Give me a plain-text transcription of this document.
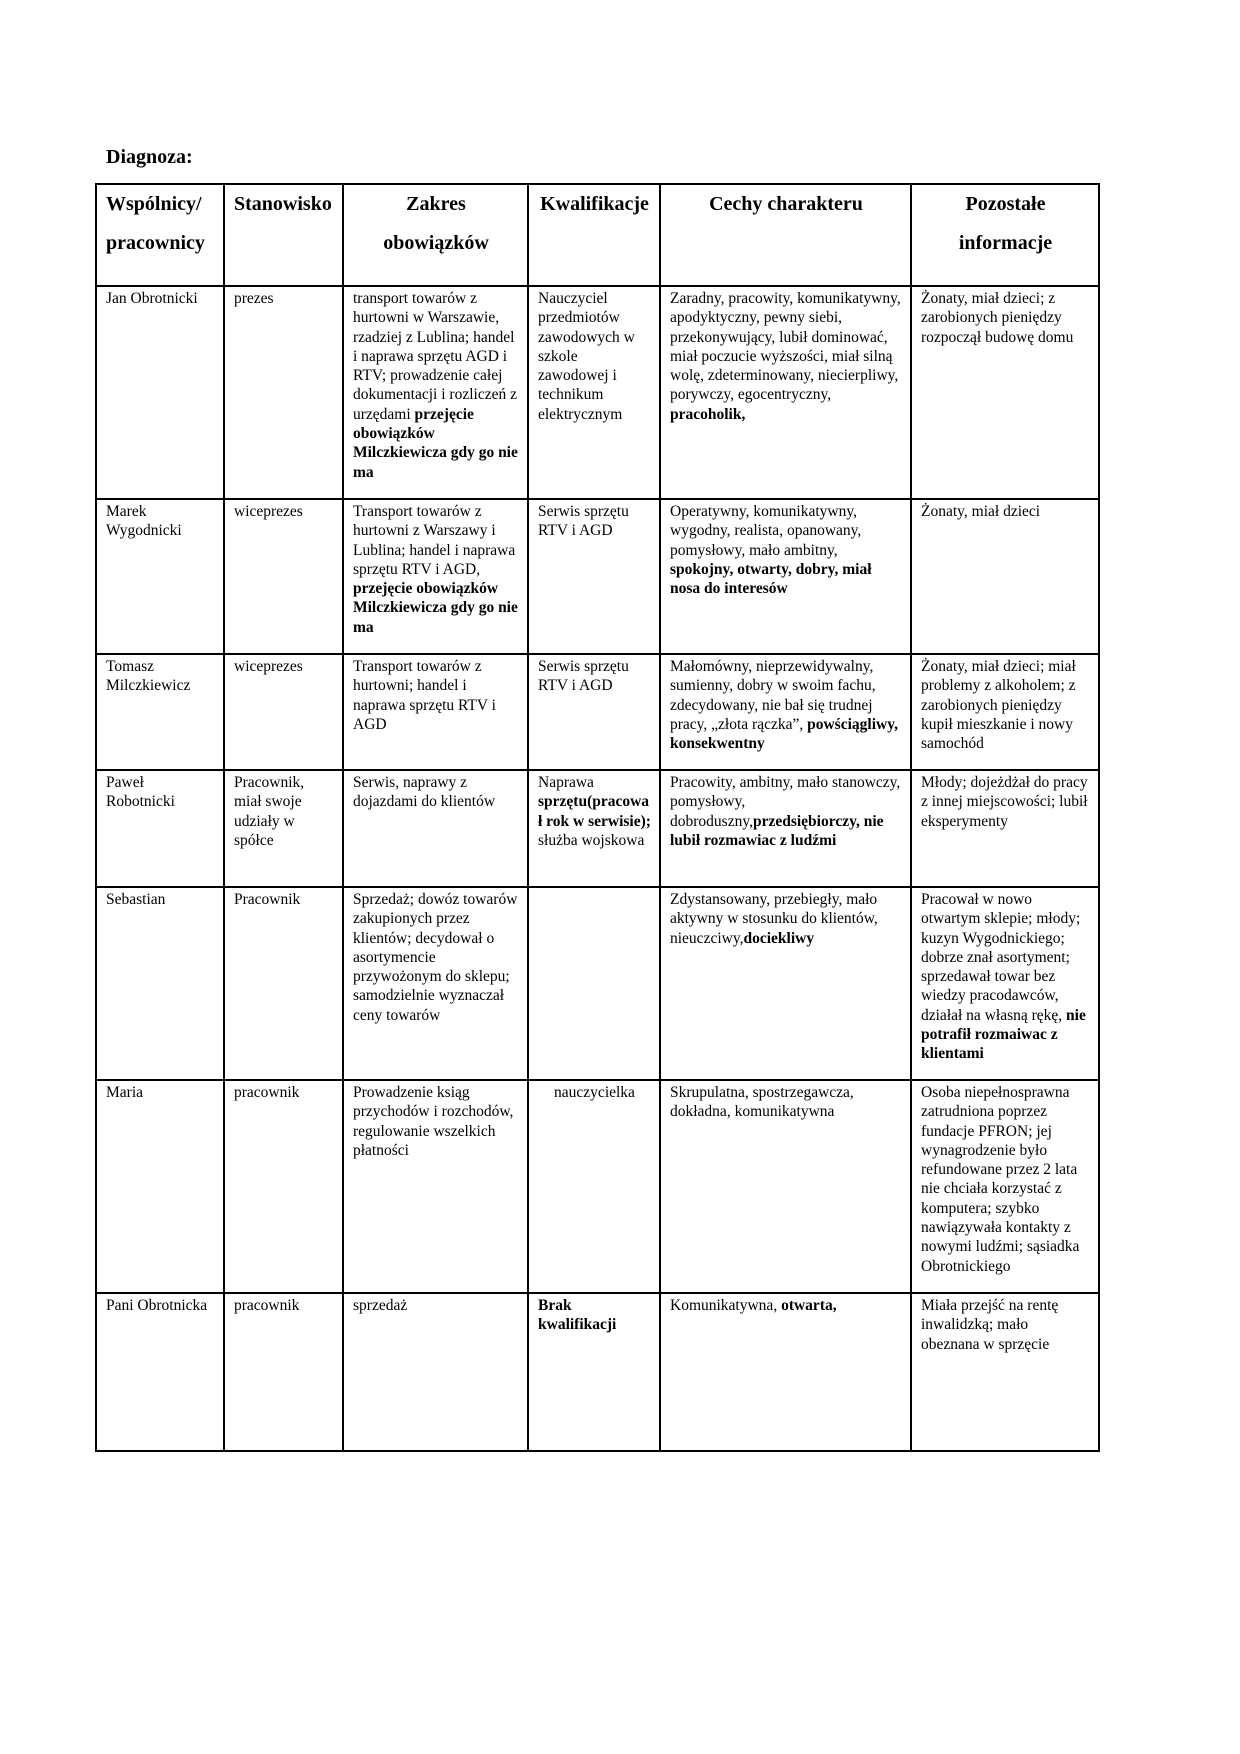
Diagnoza:
Wspólnicy/ pracownicy	Stanowisko	Zakres obowiązków	Kwalifikacje	Cechy charakteru	Pozostałe informacje
Jan Obrotnicki	prezes	transport towarów z hurtowni w Warszawie, rzadziej z Lublina; handel i naprawa sprzętu AGD i RTV; prowadzenie całej dokumentacji i rozliczeń z urzędami przejęcie obowiązków Milczkiewicza gdy go nie ma	Nauczyciel przedmiotów zawodowych w szkole zawodowej i technikum elektrycznym	Zaradny, pracowity, komunikatywny, apodyktyczny, pewny siebi, przekonywujący, lubił dominować, miał poczucie wyższości, miał silną wolę, zdeterminowany, niecierpliwy, porywczy, egocentryczny, pracoholik,	Żonaty, miał dzieci; z zarobionych pieniędzy rozpoczął budowę domu
Marek Wygodnicki	wiceprezes	Transport towarów z hurtowni z Warszawy i Lublina; handel i naprawa sprzętu RTV i AGD, przejęcie obowiązków Milczkiewicza gdy go nie ma	Serwis sprzętu RTV i AGD	Operatywny, komunikatywny, wygodny, realista, opanowany, pomysłowy, mało ambitny, spokojny, otwarty, dobry, miał nosa do interesów	Żonaty, miał dzieci
Tomasz Milczkiewicz	wiceprezes	Transport towarów z hurtowni; handel i naprawa sprzętu RTV i AGD	Serwis sprzętu RTV i AGD	Małomówny, nieprzewidywalny, sumienny, dobry w swoim fachu, zdecydowany, nie bał się trudnej pracy, „złota rączka”, powściągliwy, konsekwentny	Żonaty, miał dzieci; miał problemy z alkoholem; z zarobionych pieniędzy kupił mieszkanie i nowy samochód
Paweł Robotnicki	Pracownik, miał swoje udziały w spółce	Serwis, naprawy z dojazdami do klientów	Naprawa sprzętu(pracował rok w serwisie); służba wojskowa	Pracowity, ambitny, mało stanowczy, pomysłowy, dobroduszny,przedsiębiorczy, nie lubił rozmawiac z ludźmi	Młody; dojeżdżał do pracy z innej miejscowości; lubił eksperymenty
Sebastian	Pracownik	Sprzedaż; dowóz towarów zakupionych przez klientów; decydował o asortymencie przywożonym do sklepu; samodzielnie wyznaczał ceny towarów		Zdystansowany, przebiegły, mało aktywny w stosunku do klientów, nieuczciwy,dociekliwy	Pracował w nowo otwartym sklepie; młody; kuzyn Wygodnickiego; dobrze znał asortyment; sprzedawał towar bez wiedzy pracodawców, działał na własną rękę, nie potrafił rozmaiwac z klientami
Maria	pracownik	Prowadzenie ksiąg przychodów i rozchodów, regulowanie wszelkich płatności	nauczycielka	Skrupulatna, spostrzegawcza, dokładna, komunikatywna	Osoba niepełnosprawna zatrudniona poprzez fundacje PFRON; jej wynagrodzenie było refundowane przez 2 lata nie chciała korzystać z komputera; szybko nawiązywała kontakty z nowymi ludźmi; sąsiadka Obrotnickiego
Pani Obrotnicka	pracownik	sprzedaż	Brak kwalifikacji	Komunikatywna, otwarta,	Miała przejść na rentę inwalidzką; mało obeznana w sprzęcie
